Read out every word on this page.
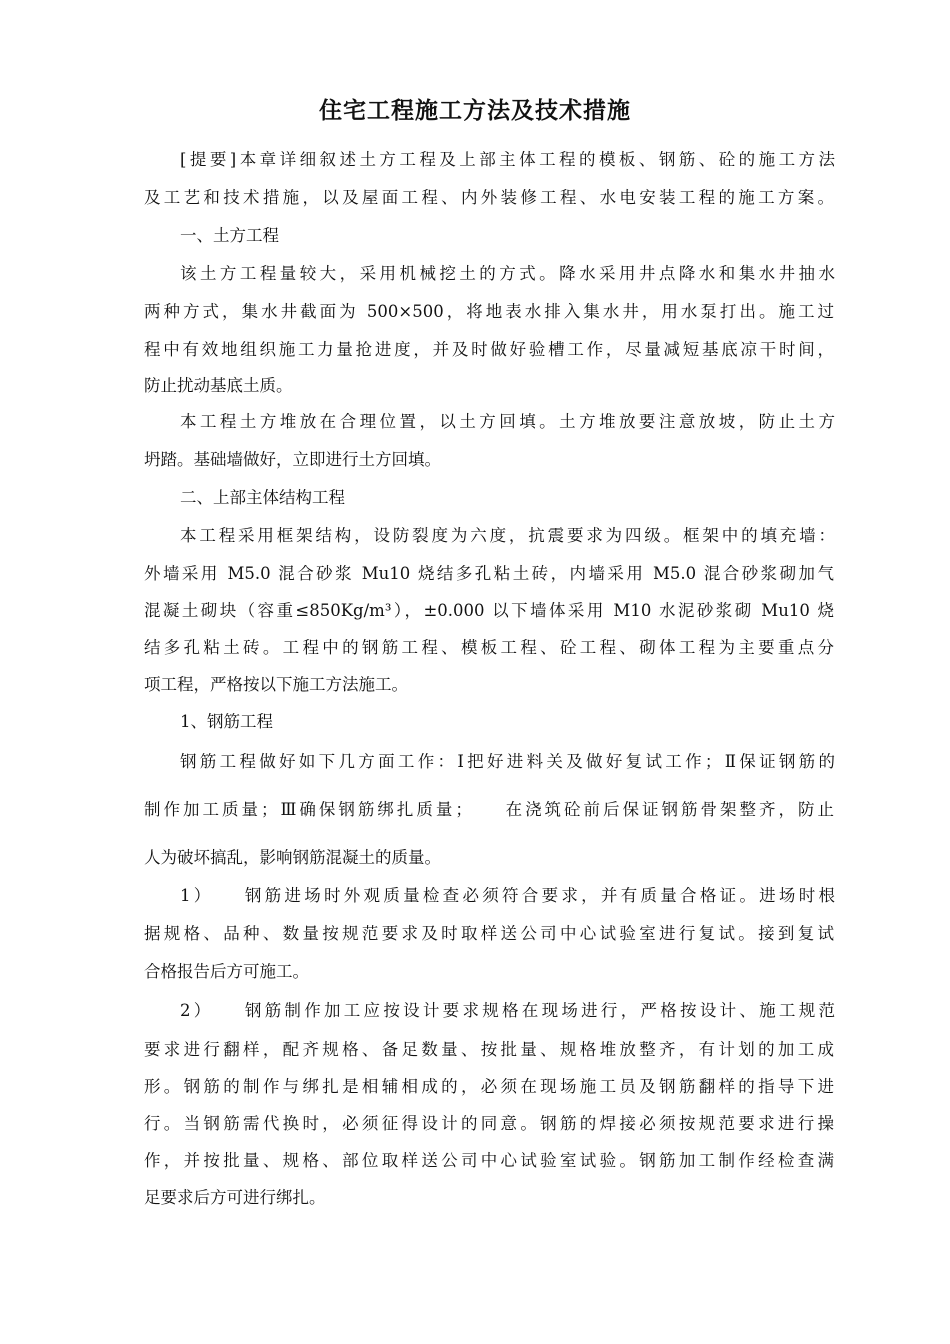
住宅工程施工方法及技术措施
[提要]本章详细叙述土方工程及上部主体工程的模板、钢筋、砼的施工方法
及工艺和技术措施，以及屋面工程、内外装修工程、水电安装工程的施工方案。
一、土方工程
该土方工程量较大，采用机械挖土的方式。降水采用井点降水和集水井抽水
两种方式，集水井截面为 500×500，将地表水排入集水井，用水泵打出。施工过
程中有效地组织施工力量抢进度，并及时做好验槽工作，尽量减短基底凉干时间，
防止扰动基底土质。
本工程土方堆放在合理位置，以土方回填。土方堆放要注意放坡，防止土方
坍踏。基础墙做好，立即进行土方回填。
二、上部主体结构工程
本工程采用框架结构，设防裂度为六度，抗震要求为四级。框架中的填充墙：
外墙采用 M5.0 混合砂浆 Mu10 烧结多孔粘土砖，内墙采用 M5.0 混合砂浆砌加气
混凝土砌块（容重≤850Kg/m³），±0.000 以下墙体采用 M10 水泥砂浆砌 Mu10 烧
结多孔粘土砖。工程中的钢筋工程、模板工程、砼工程、砌体工程为主要重点分
项工程，严格按以下施工方法施工。
1、钢筋工程
钢筋工程做好如下几方面工作：Ⅰ把好进料关及做好复试工作；Ⅱ保证钢筋的
制作加工质量；Ⅲ确保钢筋绑扎质量；　　在浇筑砼前后保证钢筋骨架整齐，防止
人为破坏搞乱，影响钢筋混凝土的质量。
1）　　钢筋进场时外观质量检查必须符合要求，并有质量合格证。进场时根
据规格、品种、数量按规范要求及时取样送公司中心试验室进行复试。接到复试
合格报告后方可施工。
2）　　钢筋制作加工应按设计要求规格在现场进行，严格按设计、施工规范
要求进行翻样，配齐规格、备足数量、按批量、规格堆放整齐，有计划的加工成
形。钢筋的制作与绑扎是相辅相成的，必须在现场施工员及钢筋翻样的指导下进
行。当钢筋需代换时，必须征得设计的同意。钢筋的焊接必须按规范要求进行操
作，并按批量、规格、部位取样送公司中心试验室试验。钢筋加工制作经检查满
足要求后方可进行绑扎。
